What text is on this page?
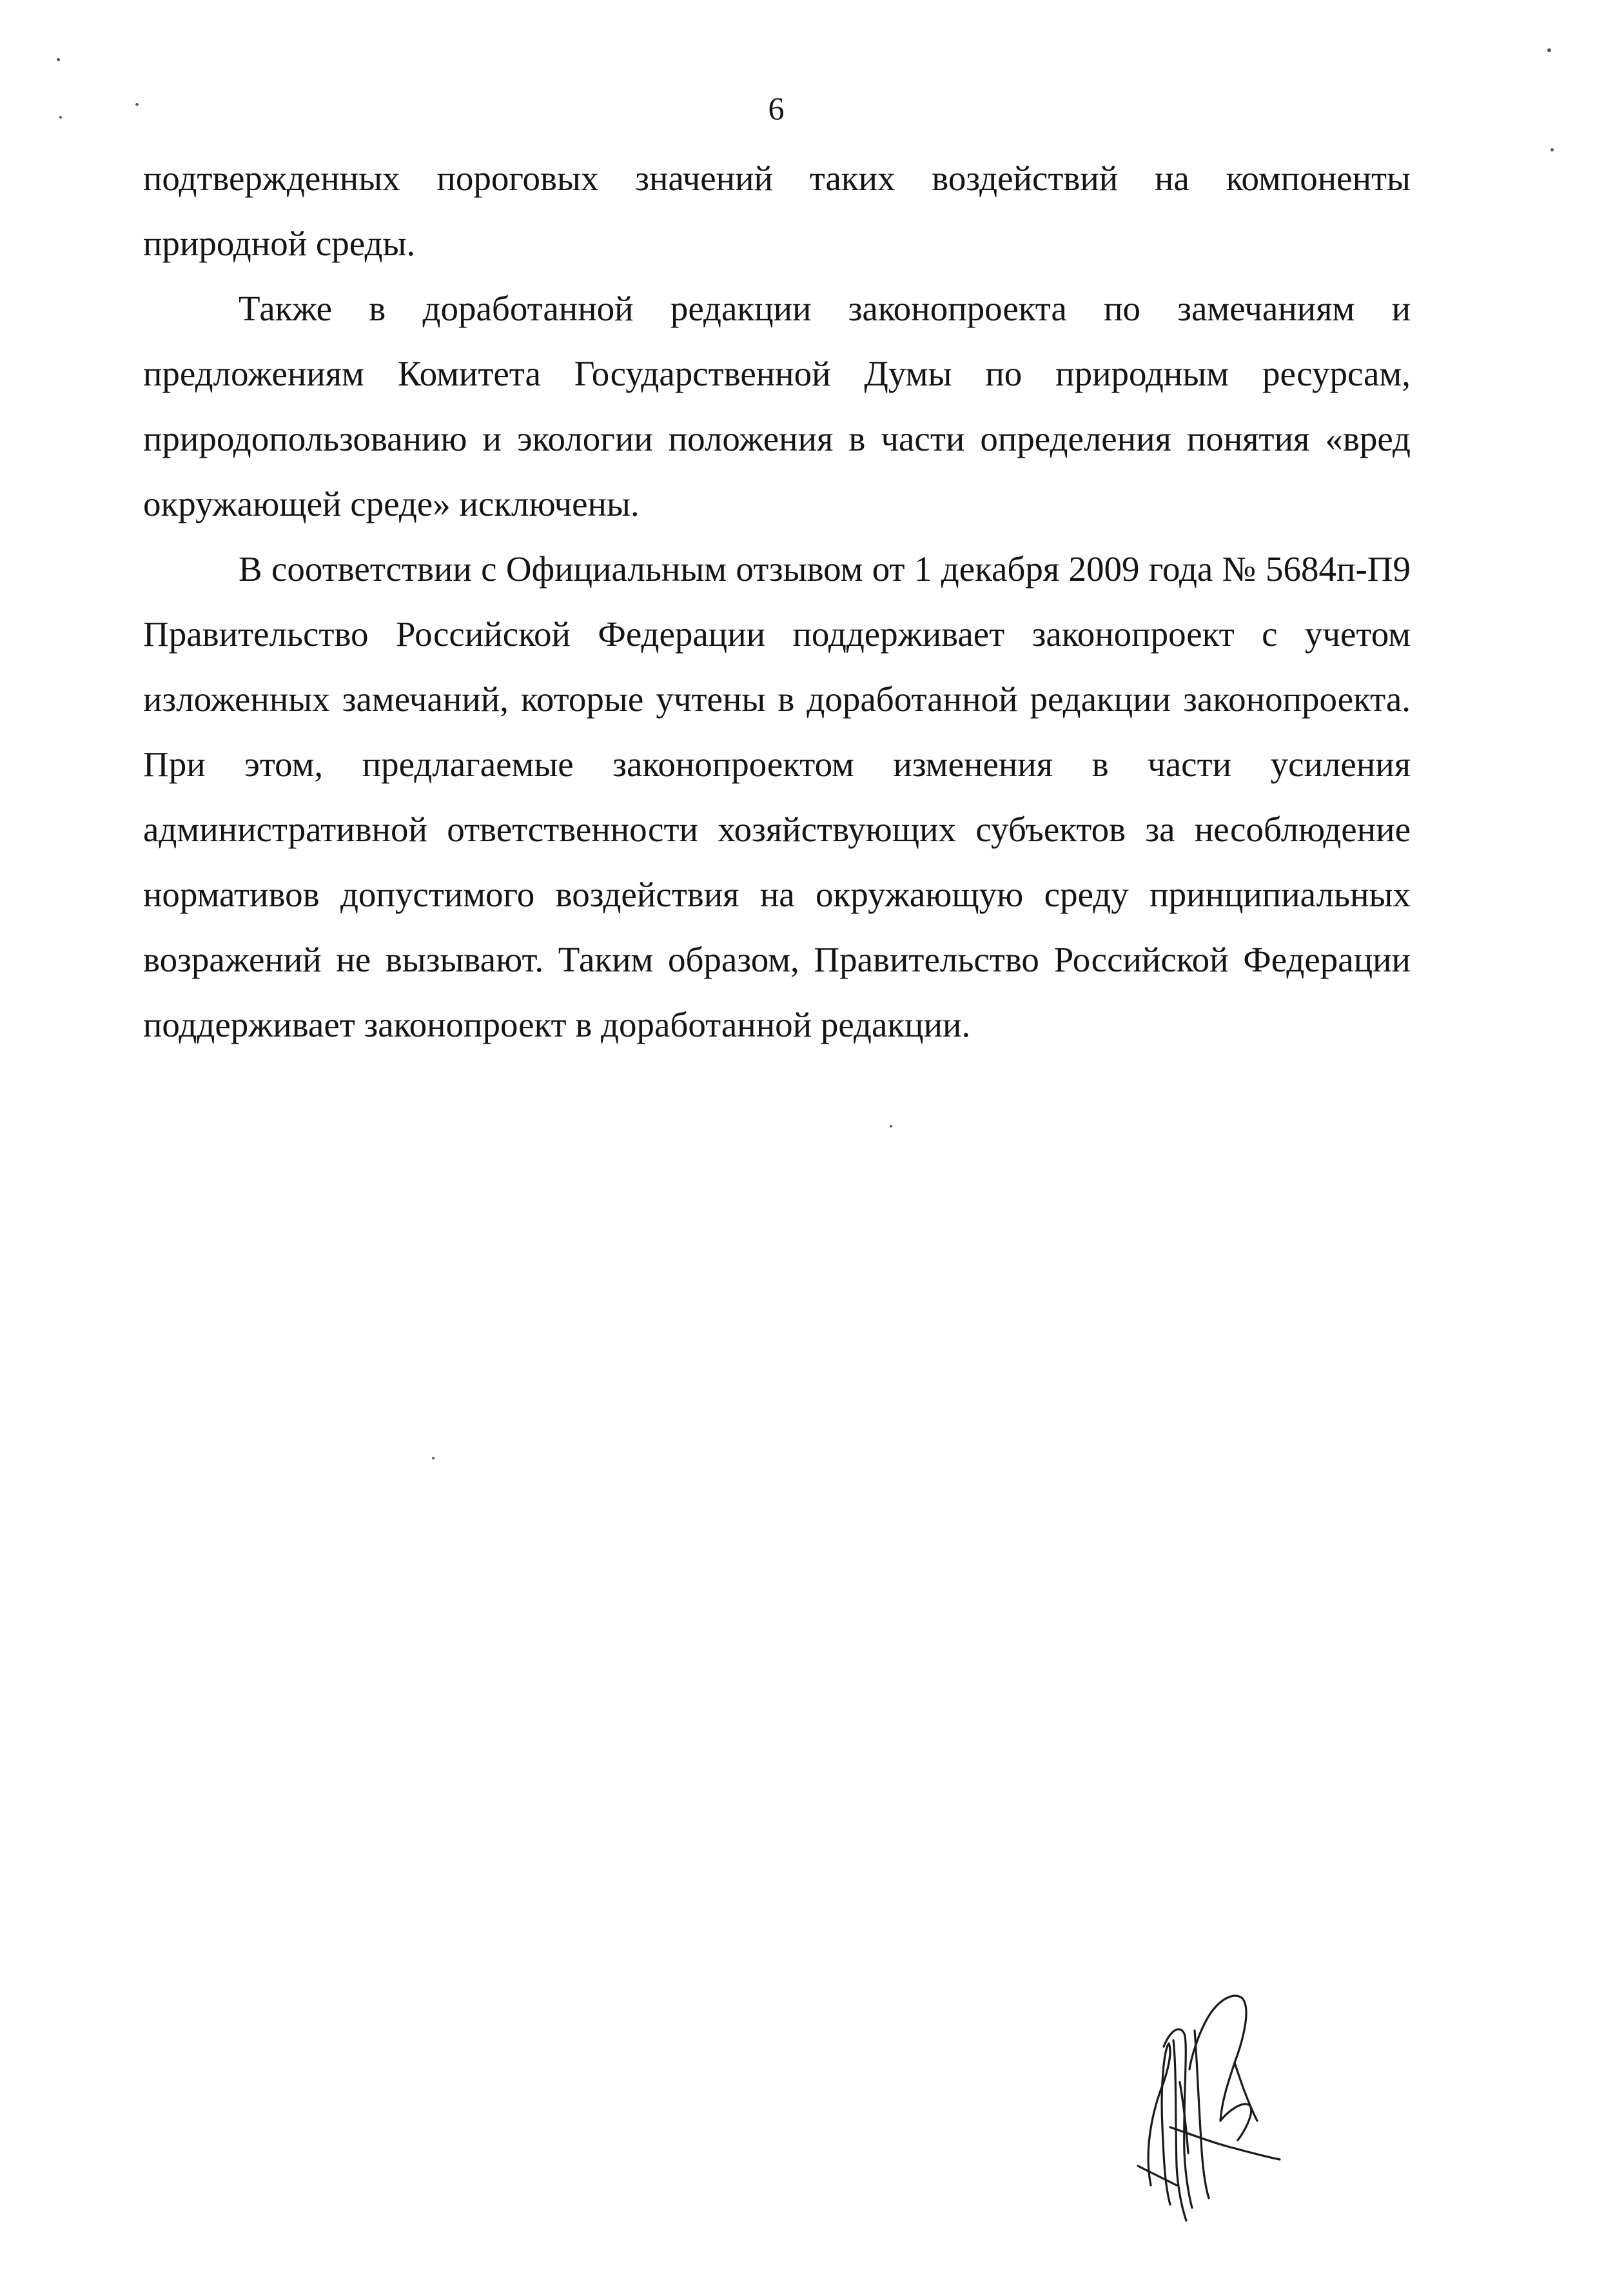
6

подтвержденных пороговых значений таких воздействий на компоненты природной среды.

Также в доработанной редакции законопроекта по замечаниям и предложениям Комитета Государственной Думы по природным ресурсам, природопользованию и экологии положения в части определения понятия «вред окружающей среде» исключены.

В соответствии с Официальным отзывом от 1 декабря 2009 года № 5684п-П9 Правительство Российской Федерации поддерживает законопроект с учетом изложенных замечаний, которые учтены в доработанной редакции законопроекта. При этом, предлагаемые законопроектом изменения в части усиления административной ответственности хозяйствующих субъектов за несоблюдение нормативов допустимого воздействия на окружающую среду принципиальных возражений не вызывают. Таким образом, Правительство Российской Федерации поддерживает законопроект в доработанной редакции.
